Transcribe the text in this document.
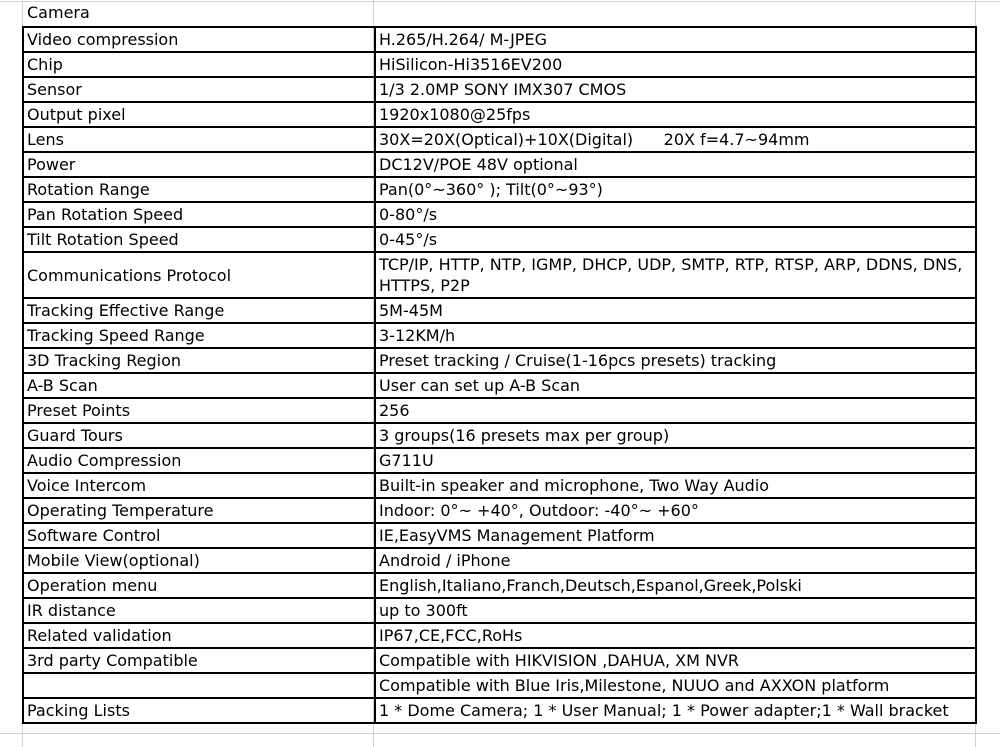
Camera
Video compression	H.265/H.264/ M-JPEG
Chip	HiSilicon-Hi3516EV200
Sensor	1/3 2.0MP SONY IMX307 CMOS
Output pixel	1920x1080@25fps
Lens	30X=20X(Optical)+10X(Digital)      20X f=4.7~94mm
Power	DC12V/POE 48V optional
Rotation Range	Pan(0°~360° ); Tilt(0°~93°)
Pan Rotation Speed	0-80°/s
Tilt Rotation Speed	0-45°/s
Communications Protocol	TCP/IP, HTTP, NTP, IGMP, DHCP, UDP, SMTP, RTP, RTSP, ARP, DDNS, DNS, HTTPS, P2P
Tracking Effective Range	5M-45M
Tracking Speed Range	3-12KM/h
3D Tracking Region	Preset tracking / Cruise(1-16pcs presets) tracking
A-B Scan	User can set up A-B Scan
Preset Points	256
Guard Tours	3 groups(16 presets max per group)
Audio Compression	G711U
Voice Intercom	Built-in speaker and microphone, Two Way Audio
Operating Temperature	Indoor: 0°~ +40°, Outdoor: -40°~ +60°
Software Control	IE,EasyVMS Management Platform
Mobile View(optional)	Android / iPhone
Operation menu	English,Italiano,Franch,Deutsch,Espanol,Greek,Polski
IR distance	up to 300ft
Related validation	IP67,CE,FCC,RoHs
3rd party Compatible	Compatible with HIKVISION ,DAHUA, XM NVR
	Compatible with Blue Iris,Milestone, NUUO and AXXON platform
Packing Lists	1 * Dome Camera; 1 * User Manual; 1 * Power adapter;1 * Wall bracket
